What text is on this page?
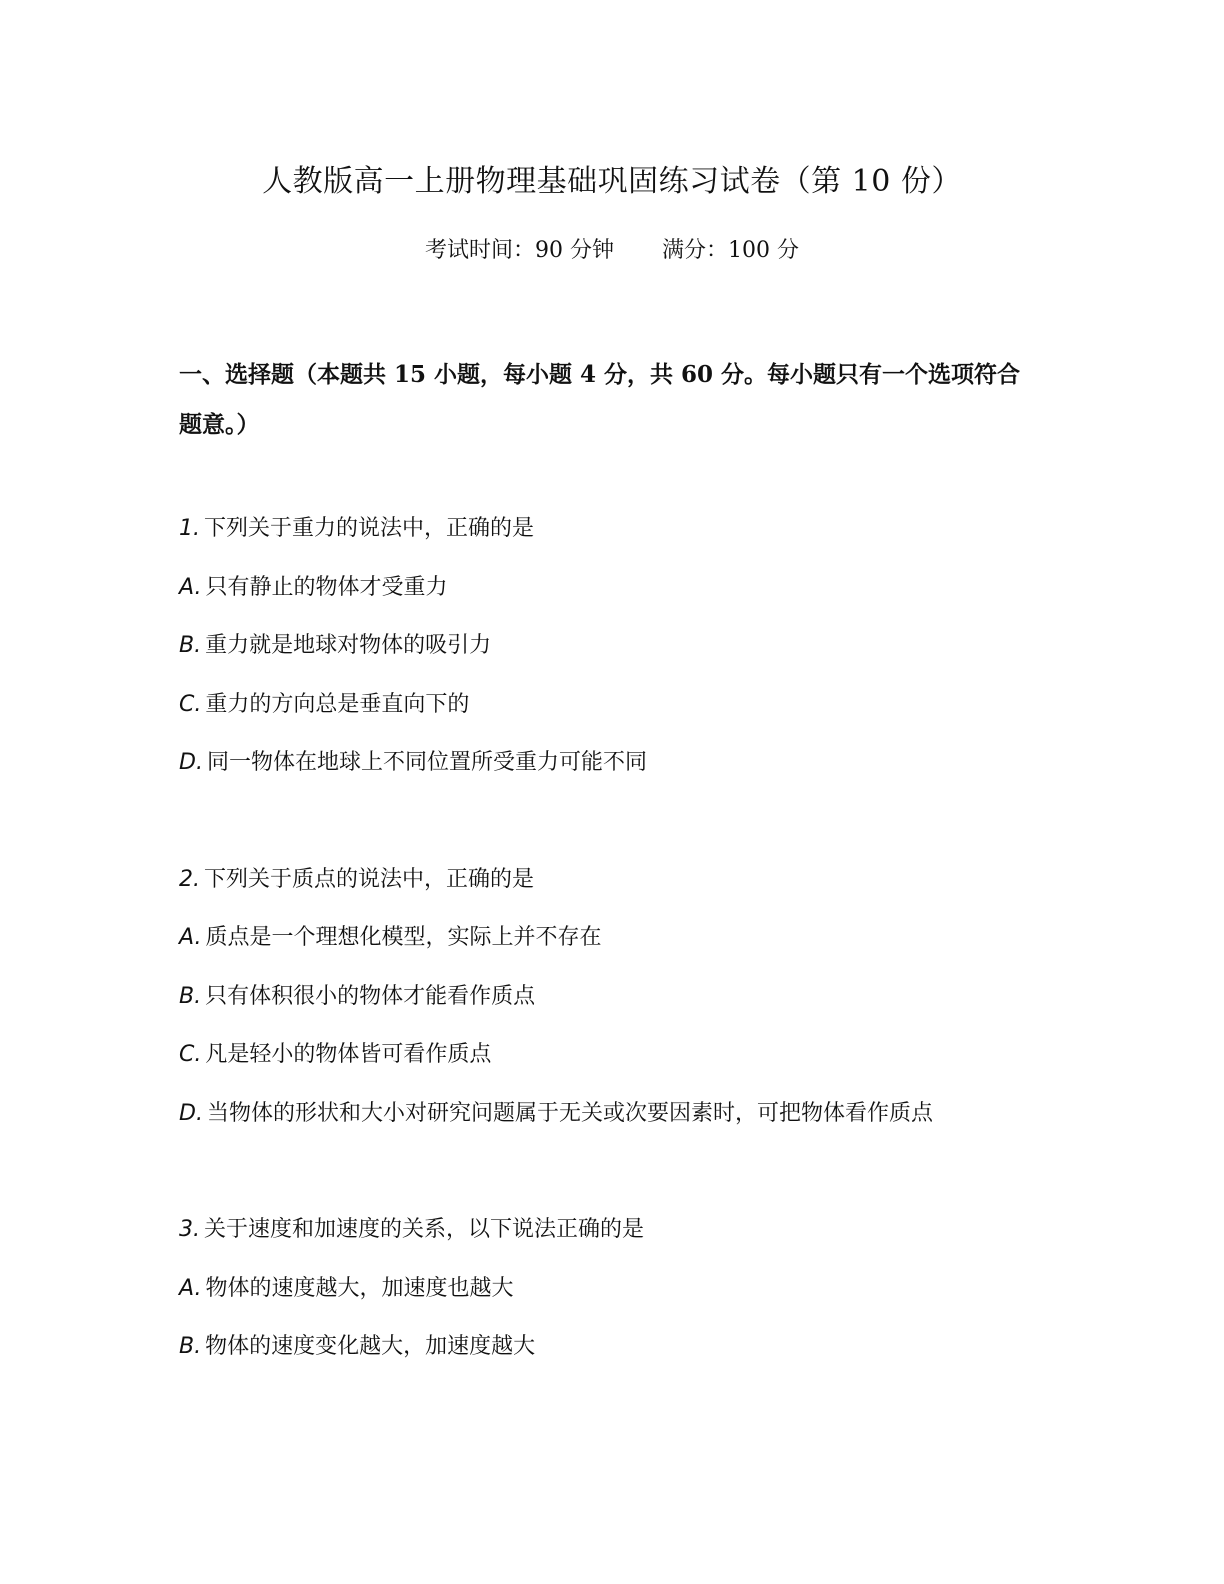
人教版高一上册物理基础巩固练习试卷（第 10 份）
考试时间：90 分钟 满分：100 分
一、选择题（本题共 15 小题，每小题 4 分，共 60 分。每小题只有一个选项符合题意。）
1. 下列关于重力的说法中，正确的是
A. 只有静止的物体才受重力
B. 重力就是地球对物体的吸引力
C. 重力的方向总是垂直向下的
D. 同一物体在地球上不同位置所受重力可能不同
2. 下列关于质点的说法中，正确的是
A. 质点是一个理想化模型，实际上并不存在
B. 只有体积很小的物体才能看作质点
C. 凡是轻小的物体皆可看作质点
D. 当物体的形状和大小对研究问题属于无关或次要因素时，可把物体看作质点
3. 关于速度和加速度的关系，以下说法正确的是
A. 物体的速度越大，加速度也越大
B. 物体的速度变化越大，加速度越大
